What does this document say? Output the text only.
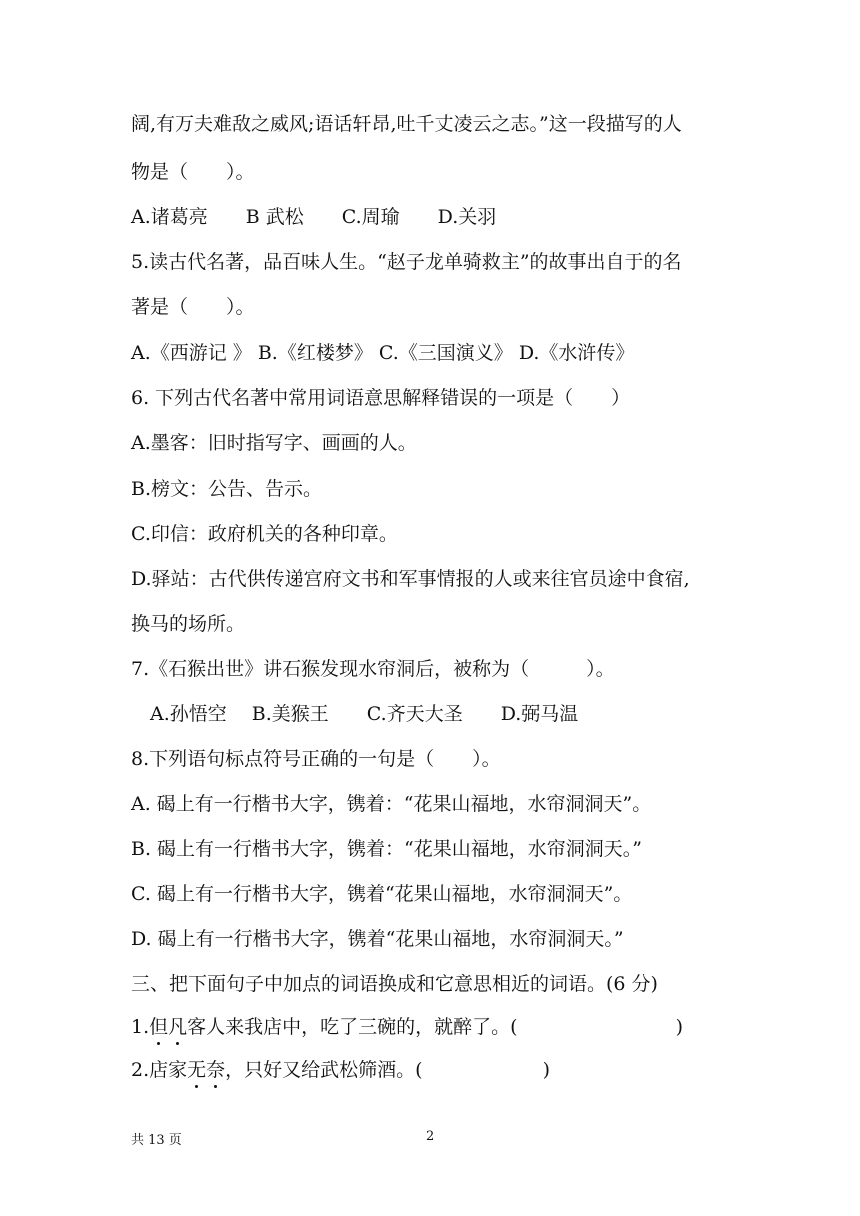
阔,有万夫难敌之威风;语话轩昂,吐千丈凌云之志。”这一段描写的人
物是（　　）。
A.诸葛亮　　B 武松　　C.周瑜　　D.关羽
5.读古代名著，品百味人生。“赵子龙单骑救主”的故事出自于的名
著是（　　）。
A.《西游记 》 B.《红楼梦》 C.《三国演义》 D.《水浒传》
6. 下列古代名著中常用词语意思解释错误的一项是（　　）
A.墨客：旧时指写字、画画的人。
B.榜文：公告、告示。
C.印信：政府机关的各种印章。
D.驿站：古代供传递宫府文书和军事情报的人或来往官员途中食宿,
换马的场所。
7.《石猴出世》讲石猴发现水帘洞后，被称为（　　　）。
　A.孙悟空　 B.美猴王　　C.齐天大圣　　D.弼马温
8.下列语句标点符号正确的一句是（　　）。
A. 碣上有一行楷书大字，镌着：“花果山福地，水帘洞洞天”。
B. 碣上有一行楷书大字，镌着：“花果山福地，水帘洞洞天。”
C. 碣上有一行楷书大字，镌着“花果山福地，水帘洞洞天”。
D. 碣上有一行楷书大字，镌着“花果山福地，水帘洞洞天。”
三、把下面句子中加点的词语换成和它意思相近的词语。(6 分)
1.但凡
客人来我店中，吃了三碗的，就醉了。(　　　　　　　　 )
2.店家无奈
，只好又给武松筛酒。(　　　　　　 )
共 13 页	2
